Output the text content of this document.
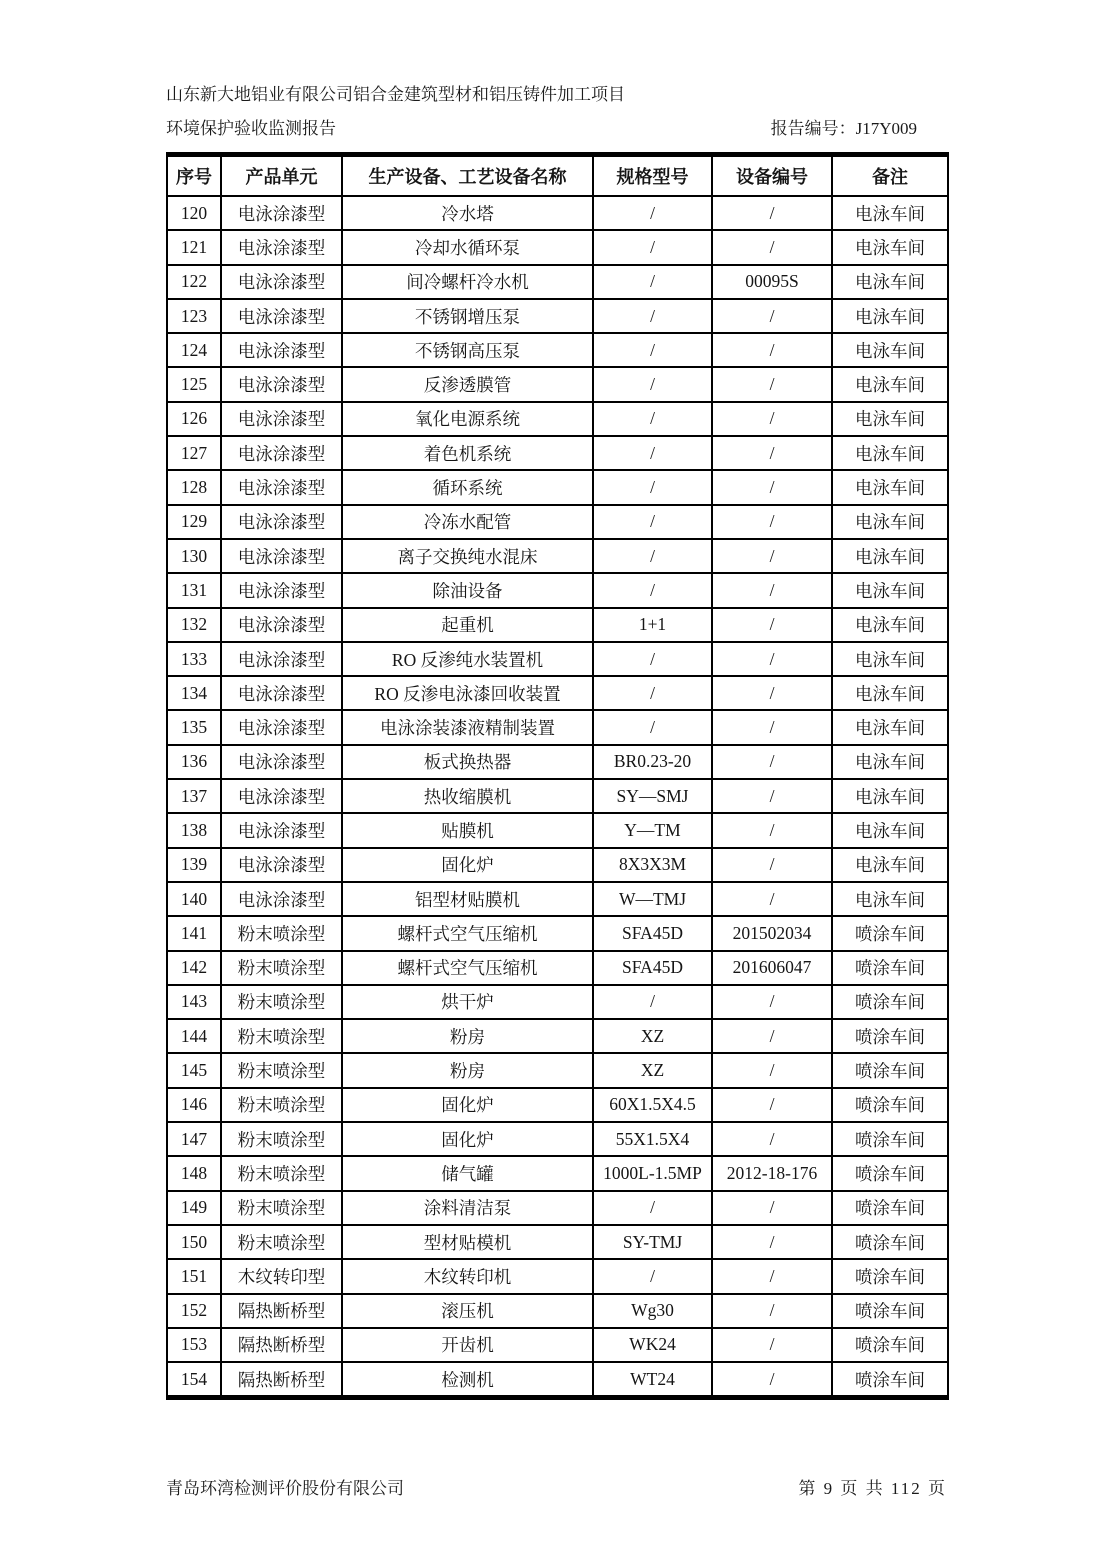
山东新大地铝业有限公司铝合金建筑型材和铝压铸件加工项目
环境保护验收监测报告	报告编号：J17Y009
序号	产品单元	生产设备、工艺设备名称	规格型号	设备编号	备注
120	电泳涂漆型	冷水塔	/	/	电泳车间
121	电泳涂漆型	冷却水循环泵	/	/	电泳车间
122	电泳涂漆型	间冷螺杆冷水机	/	00095S	电泳车间
123	电泳涂漆型	不锈钢增压泵	/	/	电泳车间
124	电泳涂漆型	不锈钢高压泵	/	/	电泳车间
125	电泳涂漆型	反渗透膜管	/	/	电泳车间
126	电泳涂漆型	氧化电源系统	/	/	电泳车间
127	电泳涂漆型	着色机系统	/	/	电泳车间
128	电泳涂漆型	循环系统	/	/	电泳车间
129	电泳涂漆型	冷冻水配管	/	/	电泳车间
130	电泳涂漆型	离子交换纯水混床	/	/	电泳车间
131	电泳涂漆型	除油设备	/	/	电泳车间
132	电泳涂漆型	起重机	1+1	/	电泳车间
133	电泳涂漆型	RO 反渗纯水装置机	/	/	电泳车间
134	电泳涂漆型	RO 反渗电泳漆回收装置	/	/	电泳车间
135	电泳涂漆型	电泳涂装漆液精制装置	/	/	电泳车间
136	电泳涂漆型	板式换热器	BR0.23-20	/	电泳车间
137	电泳涂漆型	热收缩膜机	SY—SMJ	/	电泳车间
138	电泳涂漆型	贴膜机	Y—TM	/	电泳车间
139	电泳涂漆型	固化炉	8X3X3M	/	电泳车间
140	电泳涂漆型	铝型材贴膜机	W—TMJ	/	电泳车间
141	粉末喷涂型	螺杆式空气压缩机	SFA45D	201502034	喷涂车间
142	粉末喷涂型	螺杆式空气压缩机	SFA45D	201606047	喷涂车间
143	粉末喷涂型	烘干炉	/	/	喷涂车间
144	粉末喷涂型	粉房	XZ	/	喷涂车间
145	粉末喷涂型	粉房	XZ	/	喷涂车间
146	粉末喷涂型	固化炉	60X1.5X4.5	/	喷涂车间
147	粉末喷涂型	固化炉	55X1.5X4	/	喷涂车间
148	粉末喷涂型	储气罐	1000L-1.5MP	2012-18-176	喷涂车间
149	粉末喷涂型	涂料清洁泵	/	/	喷涂车间
150	粉末喷涂型	型材贴模机	SY-TMJ	/	喷涂车间
151	木纹转印型	木纹转印机	/	/	喷涂车间
152	隔热断桥型	滚压机	Wg30	/	喷涂车间
153	隔热断桥型	开齿机	WK24	/	喷涂车间
154	隔热断桥型	检测机	WT24	/	喷涂车间
青岛环湾检测评价股份有限公司	第 9 页 共 112 页
